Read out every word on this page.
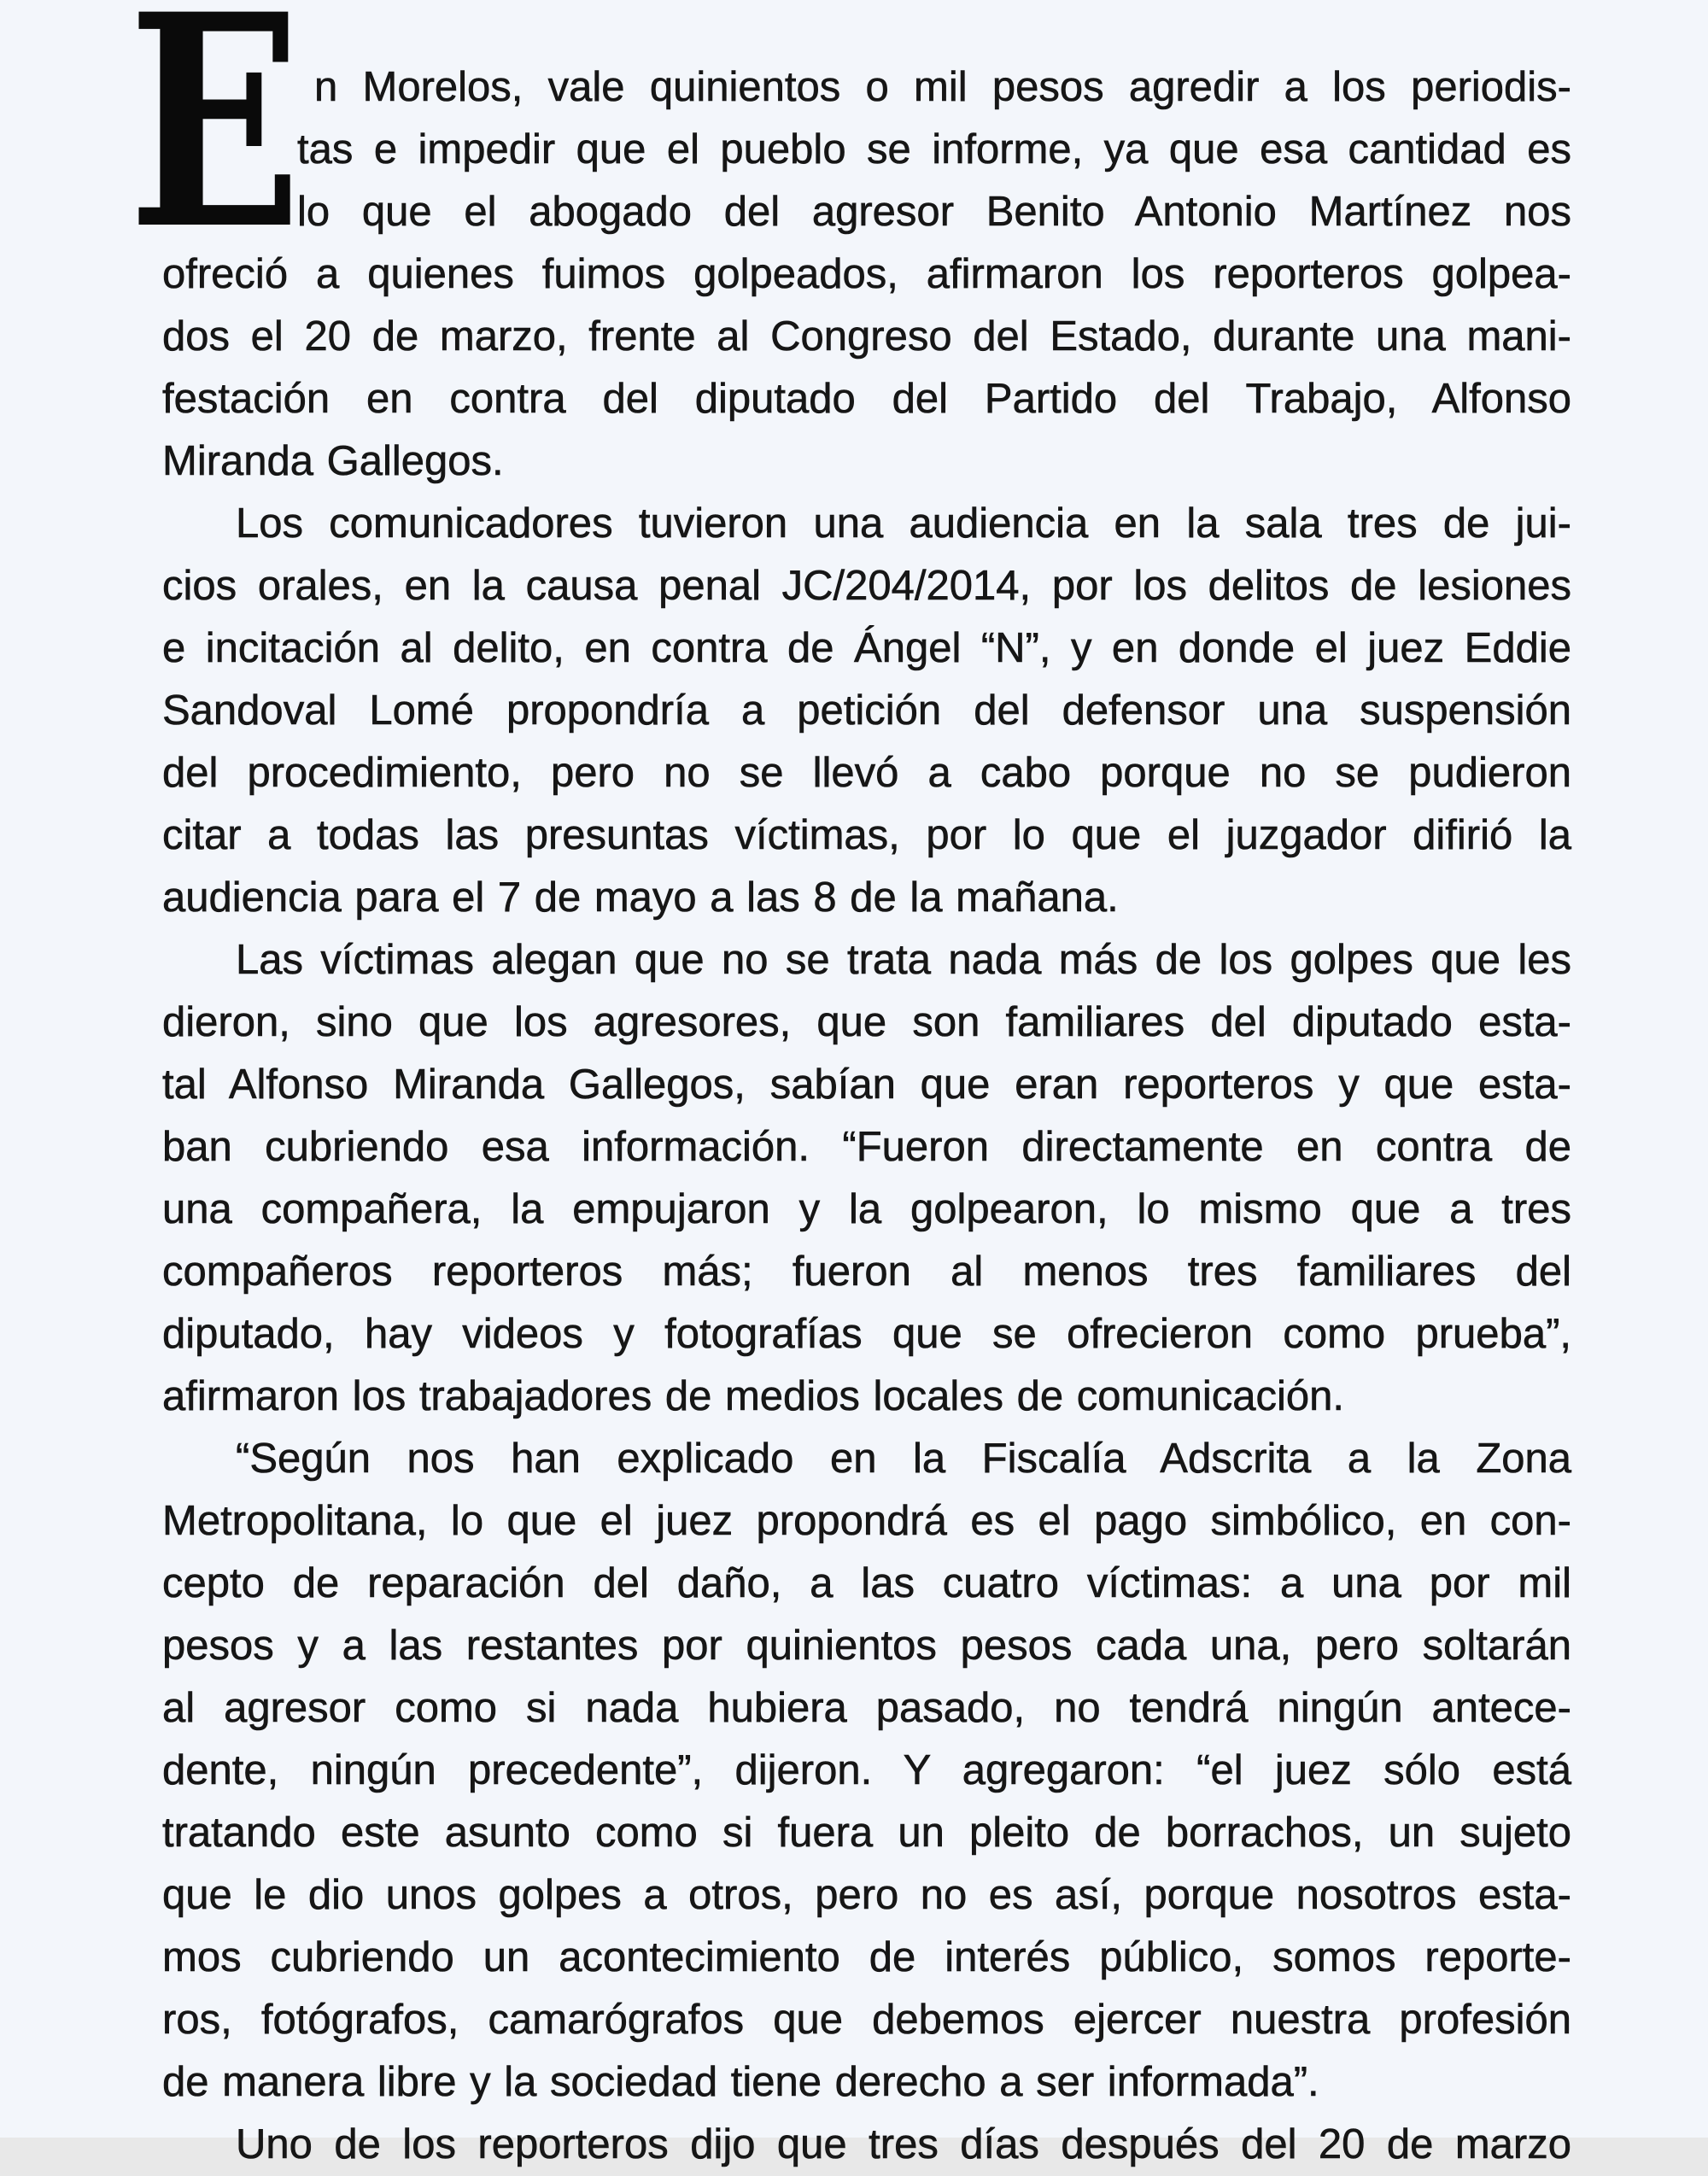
E n Morelos, vale quinientos o mil pesos agredir a los periodis-
tas e impedir que el pueblo se informe, ya que esa cantidad es
lo que el abogado del agresor Benito Antonio Martínez nos
ofreció a quienes fuimos golpeados, afirmaron los reporteros golpea-
dos el 20 de marzo, frente al Congreso del Estado, durante una mani-
festación en contra del diputado del Partido del Trabajo, Alfonso
Miranda Gallegos.
Los comunicadores tuvieron una audiencia en la sala tres de jui-
cios orales, en la causa penal JC/204/2014, por los delitos de lesiones
e incitación al delito, en contra de Ángel “N”, y en donde el juez Eddie
Sandoval Lomé propondría a petición del defensor una suspensión
del procedimiento, pero no se llevó a cabo porque no se pudieron
citar a todas las presuntas víctimas, por lo que el juzgador difirió la
audiencia para el 7 de mayo a las 8 de la mañana.
Las víctimas alegan que no se trata nada más de los golpes que les
dieron, sino que los agresores, que son familiares del diputado esta-
tal Alfonso Miranda Gallegos, sabían que eran reporteros y que esta-
ban cubriendo esa información. “Fueron directamente en contra de
una compañera, la empujaron y la golpearon, lo mismo que a tres
compañeros reporteros más; fueron al menos tres familiares del
diputado, hay videos y fotografías que se ofrecieron como prueba”,
afirmaron los trabajadores de medios locales de comunicación.
“Según nos han explicado en la Fiscalía Adscrita a la Zona
Metropolitana, lo que el juez propondrá es el pago simbólico, en con-
cepto de reparación del daño, a las cuatro víctimas: a una por mil
pesos y a las restantes por quinientos pesos cada una, pero soltarán
al agresor como si nada hubiera pasado, no tendrá ningún antece-
dente, ningún precedente”, dijeron. Y agregaron: “el juez sólo está
tratando este asunto como si fuera un pleito de borrachos, un sujeto
que le dio unos golpes a otros, pero no es así, porque nosotros esta-
mos cubriendo un acontecimiento de interés público, somos reporte-
ros, fotógrafos, camarógrafos que debemos ejercer nuestra profesión
de manera libre y la sociedad tiene derecho a ser informada”.
Uno de los reporteros dijo que tres días después del 20 de marzo
